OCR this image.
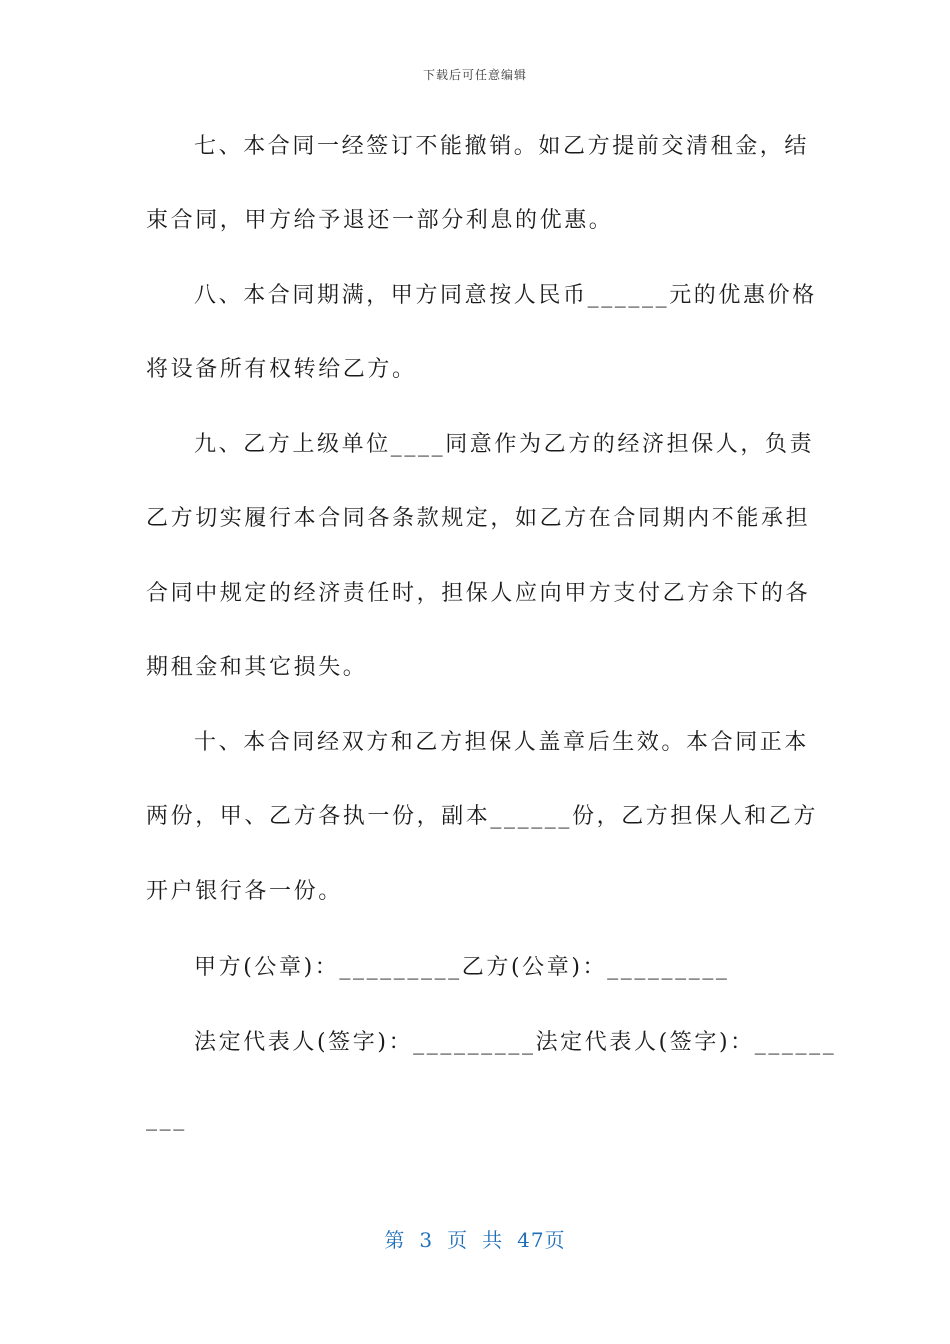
下载后可任意编辑
七、本合同一经签订不能撤销。如乙方提前交清租金，结
束合同，甲方给予退还一部分利息的优惠。
八、本合同期满，甲方同意按人民币______元的优惠价格
将设备所有权转给乙方。
九、乙方上级单位____同意作为乙方的经济担保人，负责
乙方切实履行本合同各条款规定，如乙方在合同期内不能承担
合同中规定的经济责任时，担保人应向甲方支付乙方余下的各
期租金和其它损失。
十、本合同经双方和乙方担保人盖章后生效。本合同正本
两份，甲、乙方各执一份，副本______份，乙方担保人和乙方
开户银行各一份。
甲方(公章)：_________乙方(公章)：_________
法定代表人(签字)：_________法定代表人(签字)：______
___
第 3 页 共 47页
